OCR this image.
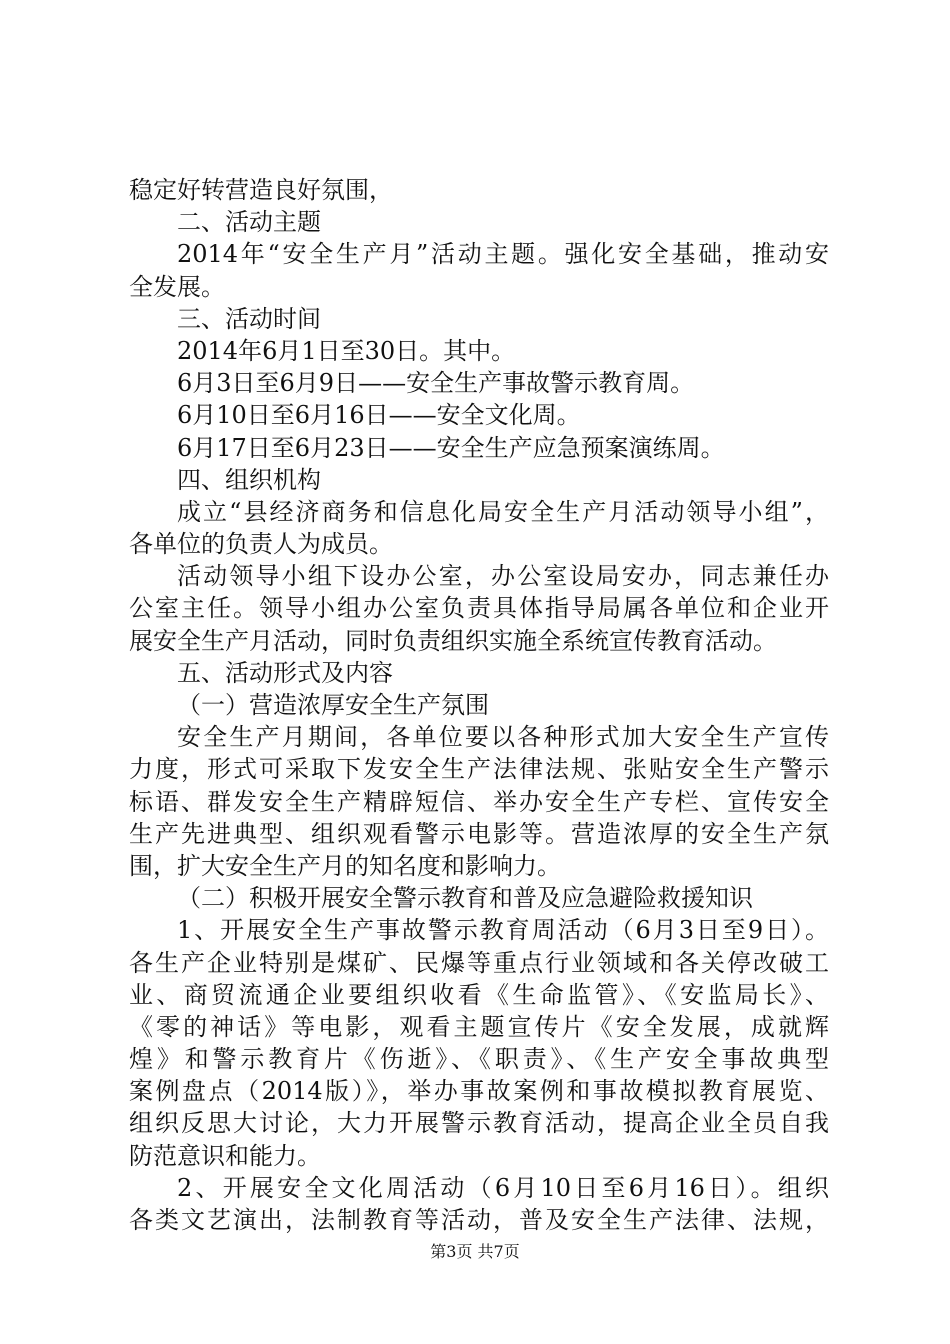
稳定好转营造良好氛围，
二、活动主题
2014年“安全生产月”活动主题。强化安全基础，推动安
全发展。
三、活动时间
2014年6月1日至30日。其中。
6月3日至6月9日——安全生产事故警示教育周。
6月10日至6月16日——安全文化周。
6月17日至6月23日——安全生产应急预案演练周。
四、组织机构
成立“县经济商务和信息化局安全生产月活动领导小组”，
各单位的负责人为成员。
活动领导小组下设办公室，办公室设局安办，同志兼任办
公室主任。领导小组办公室负责具体指导局属各单位和企业开
展安全生产月活动，同时负责组织实施全系统宣传教育活动。
五、活动形式及内容
（一）营造浓厚安全生产氛围
安全生产月期间，各单位要以各种形式加大安全生产宣传
力度，形式可采取下发安全生产法律法规、张贴安全生产警示
标语、群发安全生产精辟短信、举办安全生产专栏、宣传安全
生产先进典型、组织观看警示电影等。营造浓厚的安全生产氛
围，扩大安全生产月的知名度和影响力。
（二）积极开展安全警示教育和普及应急避险救援知识
1、开展安全生产事故警示教育周活动（6月3日至9日）。
各生产企业特别是煤矿、民爆等重点行业领域和各关停改破工
业、商贸流通企业要组织收看《生命监管》、《安监局长》、
《零的神话》等电影，观看主题宣传片《安全发展，成就辉
煌》和警示教育片《伤逝》、《职责》、《生产安全事故典型
案例盘点（2014版）》，举办事故案例和事故模拟教育展览、
组织反思大讨论，大力开展警示教育活动，提高企业全员自我
防范意识和能力。
2、开展安全文化周活动（6月10日至6月16日）。组织
各类文艺演出，法制教育等活动，普及安全生产法律、法规，
第3页 共7页
